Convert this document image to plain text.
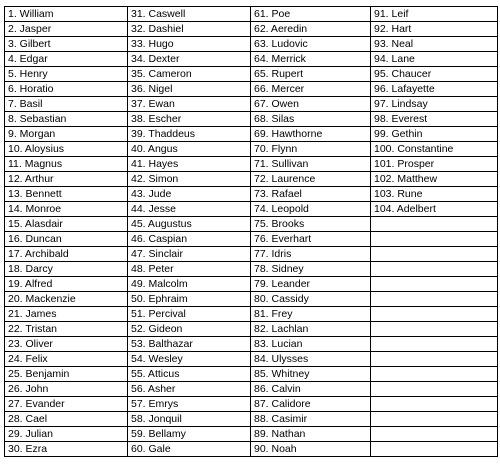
1. William	31. Caswell	61. Poe	91. Leif
2. Jasper	32. Dashiel	62. Aeredin	92. Hart
3. Gilbert	33. Hugo	63. Ludovic	93. Neal
4. Edgar	34. Dexter	64. Merrick	94. Lane
5. Henry	35. Cameron	65. Rupert	95. Chaucer
6. Horatio	36. Nigel	66. Mercer	96. Lafayette
7. Basil	37. Ewan	67. Owen	97. Lindsay
8. Sebastian	38. Escher	68. Silas	98. Everest
9. Morgan	39. Thaddeus	69. Hawthorne	99. Gethin
10. Aloysius	40. Angus	70. Flynn	100. Constantine
11. Magnus	41. Hayes	71. Sullivan	101. Prosper
12. Arthur	42. Simon	72. Laurence	102. Matthew
13. Bennett	43. Jude	73. Rafael	103. Rune
14. Monroe	44. Jesse	74. Leopold	104. Adelbert
15. Alasdair	45. Augustus	75. Brooks	
16. Duncan	46. Caspian	76. Everhart	
17. Archibald	47. Sinclair	77. Idris	
18. Darcy	48. Peter	78. Sidney	
19. Alfred	49. Malcolm	79. Leander	
20. Mackenzie	50. Ephraim	80. Cassidy	
21. James	51. Percival	81. Frey	
22. Tristan	52. Gideon	82. Lachlan	
23. Oliver	53. Balthazar	83. Lucian	
24. Felix	54. Wesley	84. Ulysses	
25. Benjamin	55. Atticus	85. Whitney	
26. John	56. Asher	86. Calvin	
27. Evander	57. Emrys	87. Calidore	
28. Cael	58. Jonquil	88. Casimir	
29. Julian	59. Bellamy	89. Nathan	
30. Ezra	60. Gale	90. Noah	
